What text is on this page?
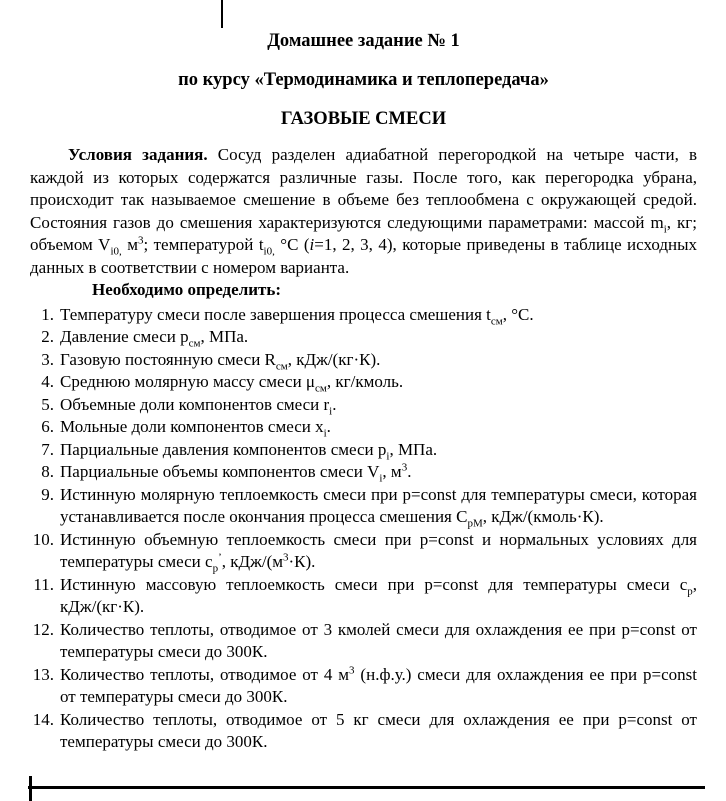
Домашнее задание № 1
по курсу «Термодинамика и теплопередача»
ГАЗОВЫЕ СМЕСИ

Условия задания. Сосуд разделен адиабатной перегородкой на четыре части, в каждой из которых содержатся различные газы. После того, как перегородка убрана, происходит так называемое смешение в объеме без теплообмена с окружающей средой. Состояния газов до смешения характеризуются следующими параметрами: массой $m_i$, кг; объемом $V_{i0,}$ $м^3$; температурой $t_{i0,}$ °С (i=1, 2, 3, 4), которые приведены в таблице исходных данных в соответствии с номером варианта.

Необходимо определить:

1. Температуру смеси после завершения процесса смешения $t_{см}$, °С.
2. Давление смеси $p_{см}$, МПа.
3. Газовую постоянную смеси $R_{см}$, кДж/(кг·К).
4. Среднюю молярную массу смеси $\mu_{см}$, кг/кмоль.
5. Объемные доли компонентов смеси $r_i$.
6. Мольные доли компонентов смеси $x_i$.
7. Парциальные давления компонентов смеси $p_i$, МПа.
8. Парциальные объемы компонентов смеси $V_i$, $м^3$.
9. Истинную молярную теплоемкость смеси при p=const для температуры смеси, которая устанавливается после окончания процесса смешения $С_{рМ}$, кДж/(кмоль·К).
10. Истинную объемную теплоемкость смеси при p=const и нормальных условиях для температуры смеси $c_р^’$, кДж/$(м^3\cdot К)$.
11. Истинную массовую теплоемкость смеси при p=const для температуры смеси $с_р$, кДж/(кг·К).
12. Количество теплоты, отводимое от 3 кмолей смеси для охлаждения ее при p=const от температуры смеси до 300К.
13. Количество теплоты, отводимое от 4 $м^3$ (н.ф.у.) смеси для охлаждения ее при p=const от температуры смеси до 300К.
14. Количество теплоты, отводимое от 5 кг смеси для охлаждения ее при p=const от температуры смеси до 300К.
